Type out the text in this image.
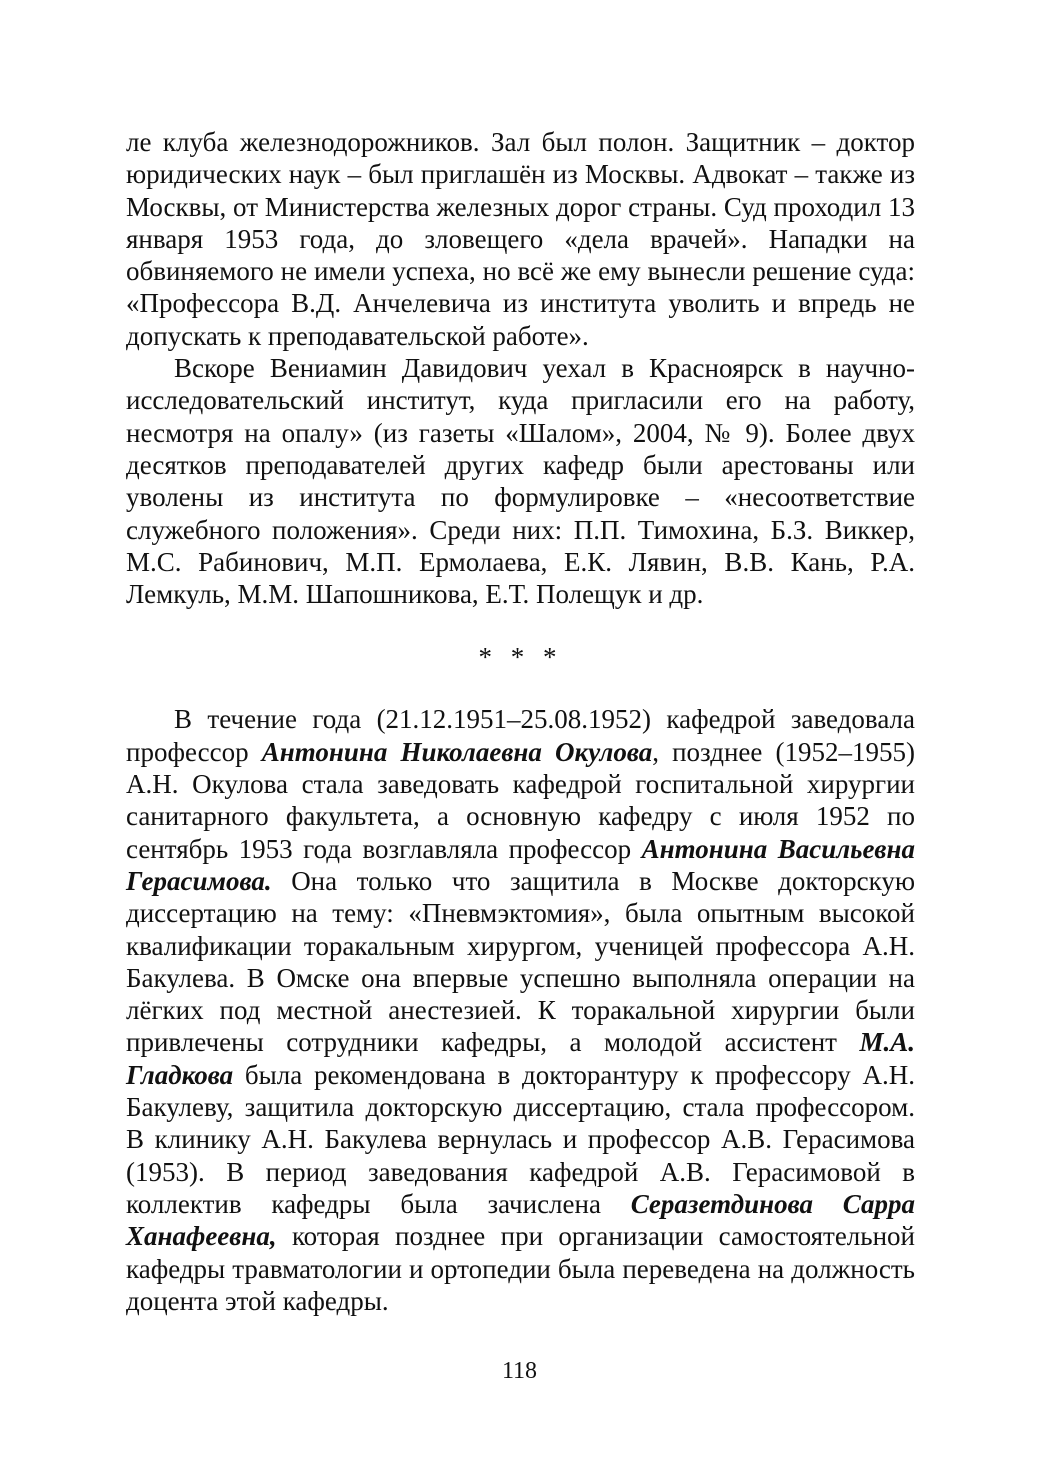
ле клуба железнодорожников. Зал был полон. Защитник – доктор юридических наук – был приглашён из Москвы. Адвокат – также из Москвы, от Министерства железных дорог страны. Суд проходил 13 января 1953 года, до зловещего «дела врачей». Нападки на обвиняемого не имели успеха, но всё же ему вынесли решение суда: «Профессора В.Д. Анчелевича из института уволить и впредь не допускать к преподавательской работе».

Вскоре Вениамин Давидович уехал в Красноярск в научно-исследовательский институт, куда пригласили его на работу, несмотря на опалу» (из газеты «Шалом», 2004, № 9). Более двух десятков преподавателей других кафедр были арестованы или уволены из института по формулировке – «несоответствие служебного положения». Среди них: П.П. Тимохина, Б.З. Виккер, М.С. Рабинович, М.П. Ермолаева, Е.К. Лявин, В.В. Кань, Р.А. Лемкуль, М.М. Шапошникова, Е.Т. Полещук и др.

* * *

В течение года (21.12.1951–25.08.1952) кафедрой заведовала профессор Антонина Николаевна Окулова, позднее (1952–1955) А.Н. Окулова стала заведовать кафедрой госпитальной хирургии санитарного факультета, а основную кафедру с июля 1952 по сентябрь 1953 года возглавляла профессор Антонина Васильевна Герасимова. Она только что защитила в Москве докторскую диссертацию на тему: «Пневмэктомия», была опытным высокой квалификации торакальным хирургом, ученицей профессора А.Н. Бакулева. В Омске она впервые успешно выполняла операции на лёгких под местной анестезией. К торакальной хирургии были привлечены сотрудники кафедры, а молодой ассистент М.А. Гладкова была рекомендована в докторантуру к профессору А.Н. Бакулеву, защитила докторскую диссертацию, стала профессором. В клинику А.Н. Бакулева вернулась и профессор А.В. Герасимова (1953). В период заведования кафедрой А.В. Герасимовой в коллектив кафедры была зачислена Серазетдинова Сарра Ханафеевна, которая позднее при организации самостоятельной кафедры травматологии и ортопедии была переведена на должность доцента этой кафедры.

118
